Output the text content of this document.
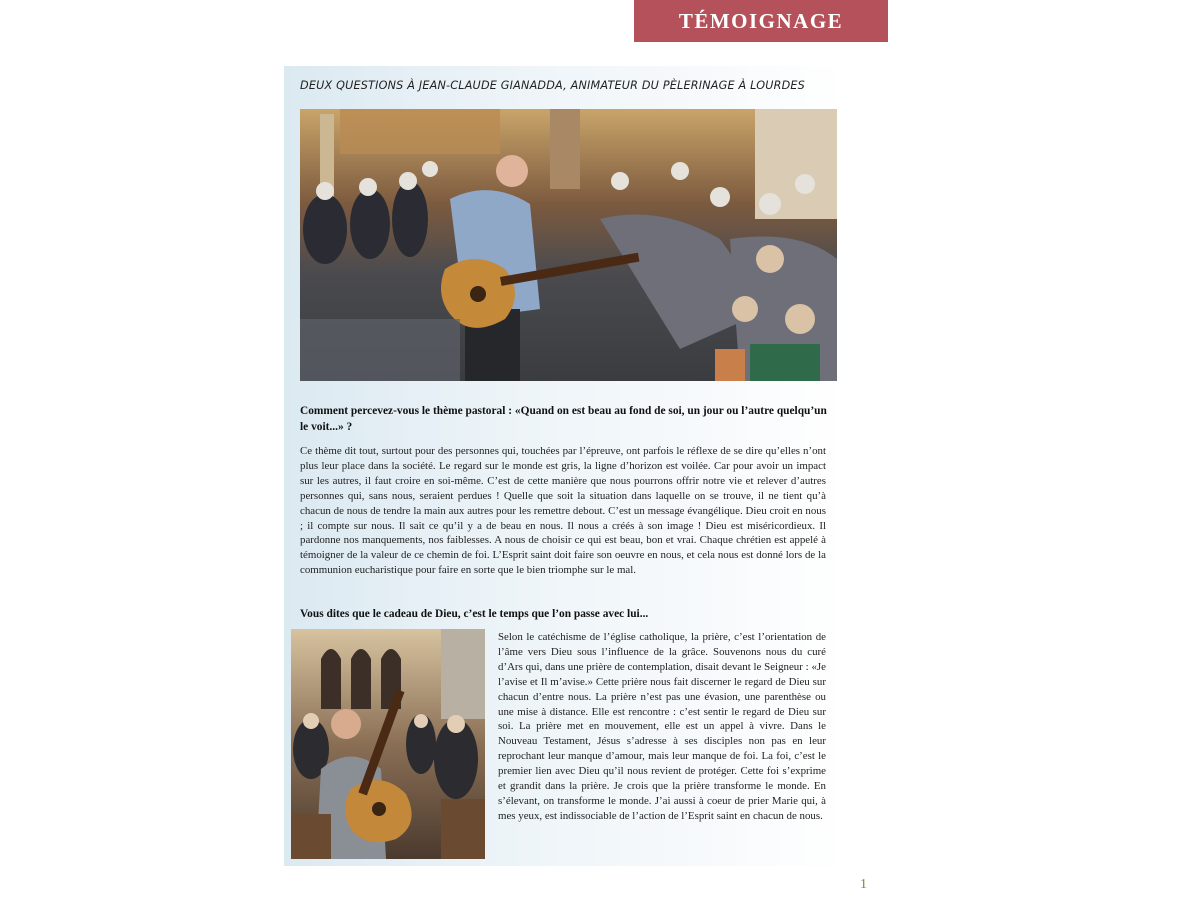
TÉMOIGNAGE
DEUX QUESTIONS À JEAN-CLAUDE GIANADDA, ANIMATEUR DU PÈLERINAGE À LOURDES
Comment percevez-vous le thème pastoral : «Quand on est beau au fond de soi, un jour ou l’autre quelqu’un le voit...» ?
Ce thème dit tout, surtout pour des personnes qui, touchées par l’épreuve, ont parfois le réflexe de se dire qu’elles n’ont plus leur place dans la société. Le regard sur le monde est gris, la ligne d’horizon est voilée. Car pour avoir un impact sur les autres, il faut croire en soi-même. C’est de cette manière que nous pourrons offrir notre vie et relever d’autres personnes qui, sans nous, seraient perdues ! Quelle que soit la situation dans laquelle on se trouve, il ne tient qu’à chacun de nous de tendre la main aux autres pour les remettre debout. C’est un message évangélique. Dieu croit en nous ; il compte sur nous. Il sait ce qu’il y a de beau en nous. Il nous a créés à son image ! Dieu est miséricordieux. Il pardonne nos manquements, nos faiblesses. A nous de choisir ce qui est beau, bon et vrai. Chaque chrétien est appelé à témoigner de la valeur de ce chemin de foi. L’Esprit saint doit faire son oeuvre en nous, et cela nous est donné lors de la communion eucharistique pour faire en sorte que le bien triomphe sur le mal.
Vous dites que le cadeau de Dieu, c’est le temps que l’on passe avec lui...
Selon le catéchisme de l’église catholique, la prière, c’est l’orientation de l’âme vers Dieu sous l’influence de la grâce. Souvenons nous du curé d’Ars qui, dans une prière de contemplation, disait devant le Seigneur : «Je l’avise et Il m’avise.» Cette prière nous fait discerner le regard de Dieu sur chacun d’entre nous. La prière n’est pas une évasion, une parenthèse ou une mise à distance. Elle est rencontre : c’est sentir le regard de Dieu sur soi. La prière met en mouvement, elle est un appel à vivre. Dans le Nouveau Testament, Jésus s’adresse à ses disciples non pas en leur reprochant leur manque d’amour, mais leur manque de foi. La foi, c’est le premier lien avec Dieu qu’il nous revient de protéger. Cette foi s’exprime et grandit dans la prière. Je crois que la prière transforme le monde. En s’élevant, on transforme le monde. J’ai aussi à coeur de prier Marie qui, à mes yeux, est indissociable de l’action de l’Esprit saint en chacun de nous.
1
